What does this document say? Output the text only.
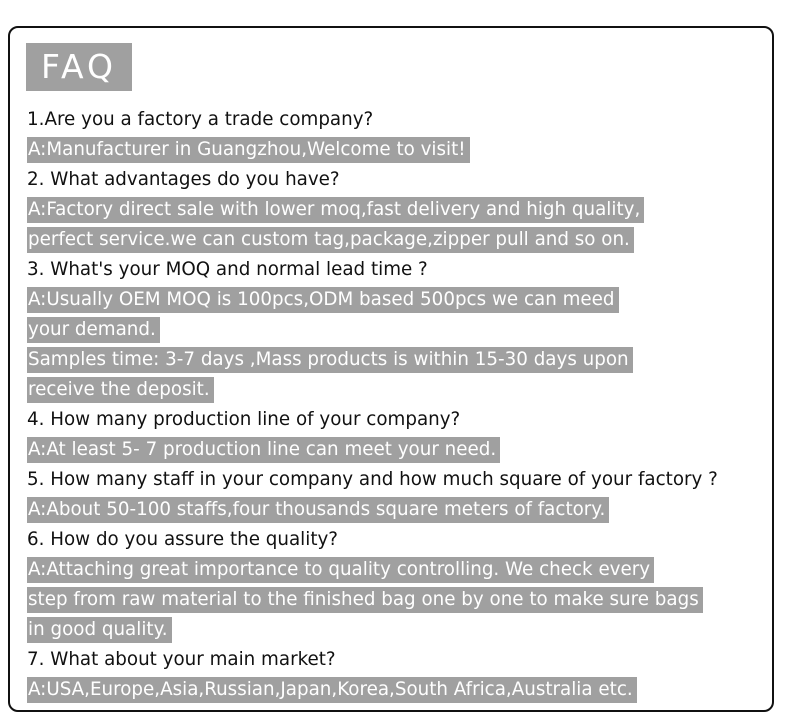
FAQ
1.Are you a factory a trade company?
A:Manufacturer in Guangzhou,Welcome to visit!
2. What advantages do you have?
A:Factory direct sale with lower moq,fast delivery and high quality,
perfect service.we can custom tag,package,zipper pull and so on.
3. What's your MOQ and normal lead time ?
A:Usually OEM MOQ is 100pcs,ODM based 500pcs we can meed
your demand.
Samples time: 3-7 days ,Mass products is within 15-30 days upon
receive the deposit.
4. How many production line of your company?
A:At least 5- 7 production line can meet your need.
5. How many staff in your company and how much square of your factory ?
A:About 50-100 staffs,four thousands square meters of factory.
6. How do you assure the quality?
A:Attaching great importance to quality controlling. We check every
step from raw material to the finished bag one by one to make sure bags
in good quality.
7. What about your main market?
A:USA,Europe,Asia,Russian,Japan,Korea,South Africa,Australia etc.
